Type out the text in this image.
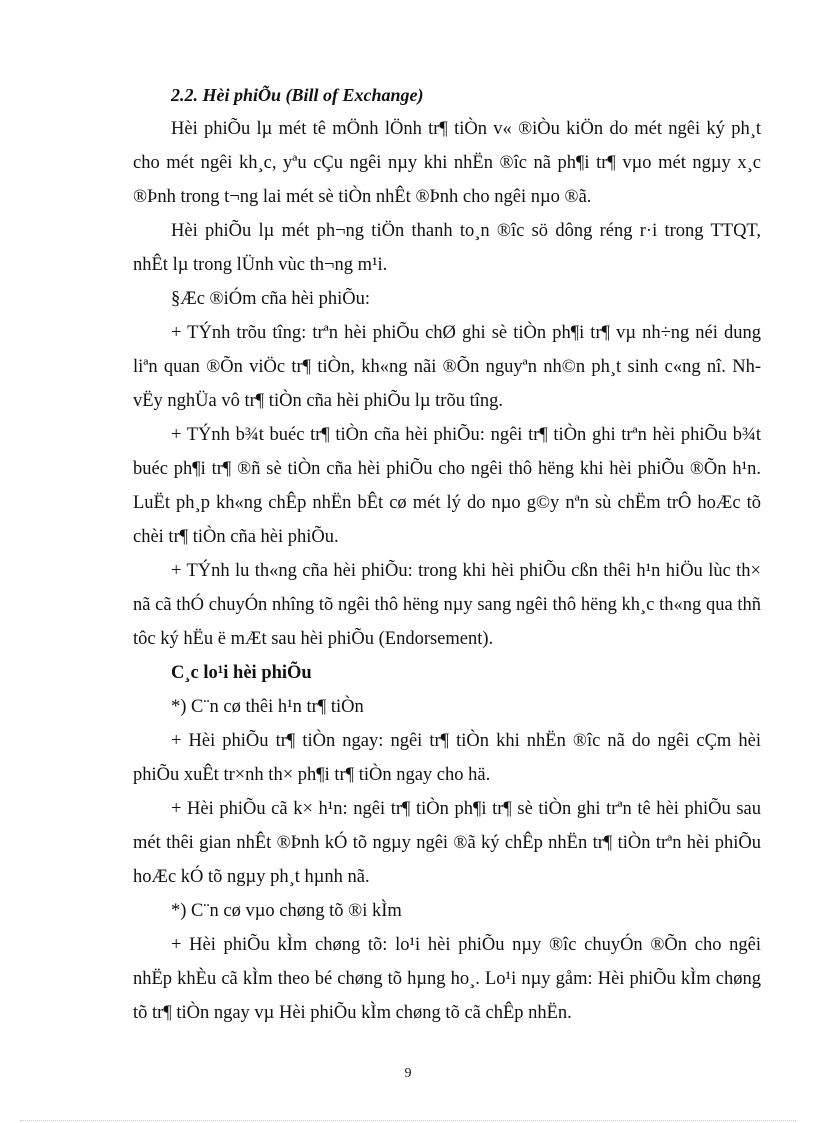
2.2. Hèi phiÕu (Bill of Exchange)

Hèi phiÕu lµ mét tê mÖnh lÖnh tr¶ tiÒn v« ®iÒu kiÖn do mét ngêi ký ph¸t cho mét ngêi kh¸c, yªu cÇu ngêi nµy khi nhËn ®îc nã ph¶i tr¶ vµo mét ngµy x¸c ®Þnh trong t¬ng lai mét sè tiÒn nhÊt ®Þnh cho ngêi nµo ®ã.

Hèi phiÕu lµ mét ph¬ng tiÖn thanh to¸n ®îc sö dông réng r·i trong TTQT, nhÊt lµ trong lÜnh vùc th¬ng m¹i.

§Æc ®iÓm cña hèi phiÕu:

+ TÝnh trõu tîng: trªn hèi phiÕu chØ ghi sè tiÒn ph¶i tr¶ vµ nh÷ng néi dung liªn quan ®Õn viÖc tr¶ tiÒn, kh«ng nãi ®Õn nguyªn nh©n ph¸t sinh c«ng nî. Nh vËy nghÜa vô tr¶ tiÒn cña hèi phiÕu lµ trõu tîng.

+ TÝnh b¾t buéc tr¶ tiÒn cña hèi phiÕu: ngêi tr¶ tiÒn ghi trªn hèi phiÕu b¾t buéc ph¶i tr¶ ®ñ sè tiÒn cña hèi phiÕu cho ngêi thô hëng khi hèi phiÕu ®Õn h¹n. LuËt ph¸p kh«ng chÊp nhËn bÊt cø mét lý do nµo g©y nªn sù chËm trÔ hoÆc tõ chèi tr¶ tiÒn cña hèi phiÕu.

+ TÝnh lu th«ng cña hèi phiÕu: trong khi hèi phiÕu cßn thêi h¹n hiÖu lùc th× nã cã thÓ chuyÓn nhîng tõ ngêi thô hëng nµy sang ngêi thô hëng kh¸c th«ng qua thñ tôc ký hËu ë mÆt sau hèi phiÕu (Endorsement).

C¸c lo¹i hèi phiÕu

*) C¨n cø thêi h¹n tr¶ tiÒn

+ Hèi phiÕu tr¶ tiÒn ngay: ngêi tr¶ tiÒn khi nhËn ®îc nã do ngêi cÇm hèi phiÕu xuÊt tr×nh th× ph¶i tr¶ tiÒn ngay cho hä.

+ Hèi phiÕu cã k× h¹n: ngêi tr¶ tiÒn ph¶i tr¶ sè tiÒn ghi trªn tê hèi phiÕu sau mét thêi gian nhÊt ®Þnh kÓ tõ ngµy ngêi ®ã ký chÊp nhËn tr¶ tiÒn trªn hèi phiÕu hoÆc kÓ tõ ngµy ph¸t hµnh nã.

*) C¨n cø vµo chøng tõ ®i kÌm

+ Hèi phiÕu kÌm chøng tõ: lo¹i hèi phiÕu nµy ®îc chuyÓn ®Õn cho ngêi nhËp khÈu cã kÌm theo bé chøng tõ hµng ho¸. Lo¹i nµy gåm: Hèi phiÕu kÌm chøng tõ tr¶ tiÒn ngay vµ Hèi phiÕu kÌm chøng tõ cã chÊp nhËn.

9
